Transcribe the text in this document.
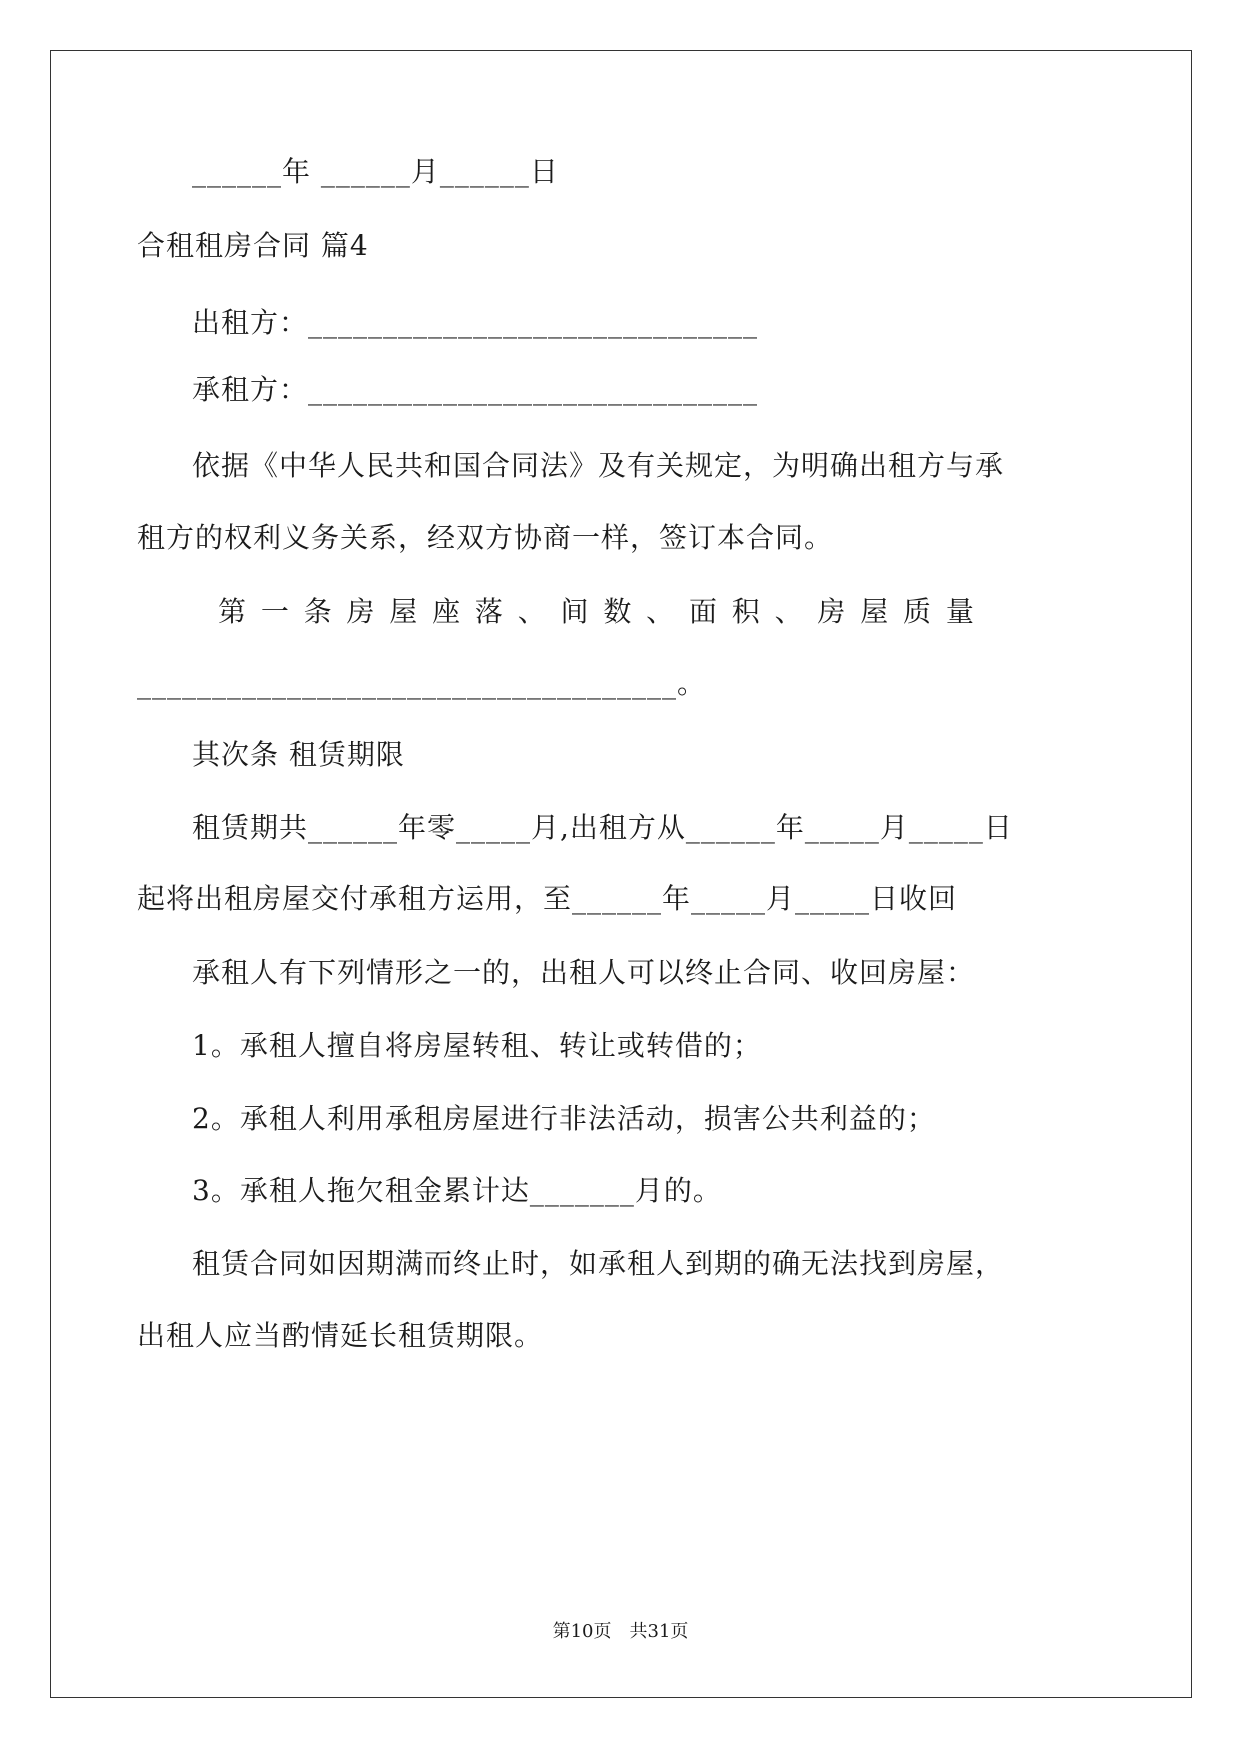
______年 ______月______日
合租租房合同 篇4
出租方：______________________________
承租方：______________________________
依据《中华人民共和国合同法》及有关规定，为明确出租方与承
租方的权利义务关系，经双方协商一样，签订本合同。
第 一 条 房 屋 座 落 、 间 数 、 面 积 、 房 屋 质 量
____________________________________。
其次条 租赁期限
租赁期共______年零_____月,出租方从______年_____月_____日
起将出租房屋交付承租方运用，至______年_____月_____日收回
承租人有下列情形之一的，出租人可以终止合同、收回房屋：
1。承租人擅自将房屋转租、转让或转借的；
2。承租人利用承租房屋进行非法活动，损害公共利益的；
3。承租人拖欠租金累计达_______月的。
租赁合同如因期满而终止时，如承租人到期的确无法找到房屋，
出租人应当酌情延长租赁期限。
第10页　共31页
